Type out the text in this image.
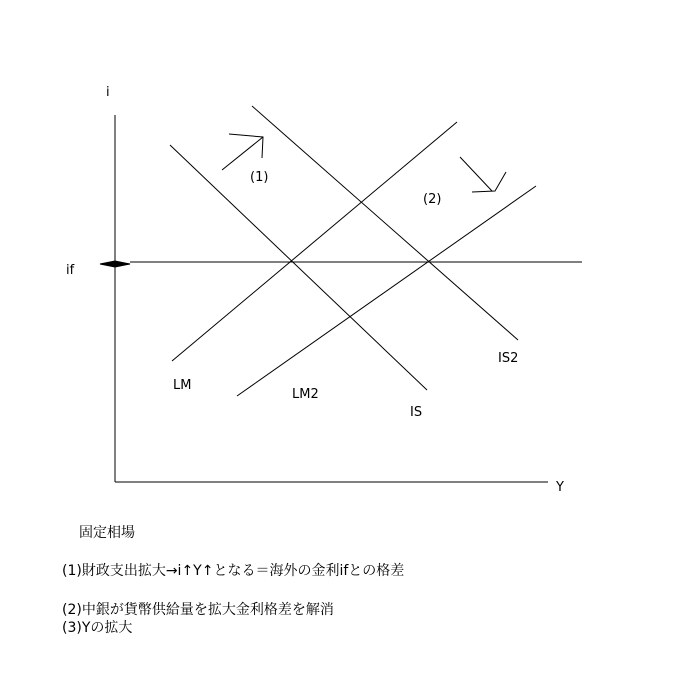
i
Y
if
LM
LM2
IS
IS2
(1)
(2)
固定相場
(1)財政支出拡大→i↑Y↑となる＝海外の金利ifとの格差
(2)中銀が貨幣供給量を拡大金利格差を解消
(3)Yの拡大
